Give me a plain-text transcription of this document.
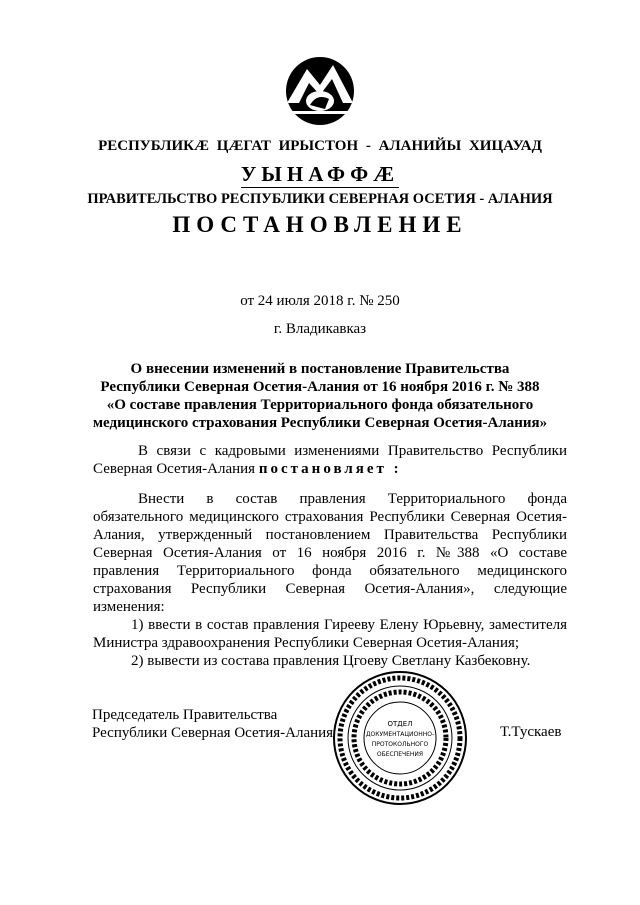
РЕСПУБЛИКÆ ЦÆГАТ ИРЫСТОН - АЛАНИЙЫ ХИЦАУАД
УЫНАФФÆ
ПРАВИТЕЛЬСТВО РЕСПУБЛИКИ СЕВЕРНАЯ ОСЕТИЯ - АЛАНИЯ
ПОСТАНОВЛЕНИЕ
от 24 июля 2018 г. № 250
г. Владикавказ
О внесении изменений в постановление Правительства
Республики Северная Осетия-Алания от 16 ноября 2016 г. № 388
«О составе правления Территориального фонда обязательного
медицинского страхования Республики Северная Осетия-Алания»
В связи с кадровыми изменениями Правительство Республики Северная Осетия-Алания постановляет :
Внести в состав правления Территориального фонда обязательного медицинского страхования Республики Северная Осетия-Алания, утвержденный постановлением Правительства Республики Северная Осетия-Алания от 16 ноября 2016 г. №388 «О составе правления Территориального фонда обязательного медицинского страхования Республики Северная Осетия-Алания», следующие изменения:
1) ввести в состав правления Гирееву Елену Юрьевну, заместителя Министра здравоохранения Республики Северная Осетия-Алания;
2) вывести из состава правления Цгоеву Светлану Казбековну.
ОТДЕЛ
ДОКУМЕНТАЦИОННО-
ПРОТОКОЛЬНОГО
ОБЕСПЕЧЕНИЯ
Председатель Правительства
Республики Северная Осетия-Алания	Т.Тускаев
